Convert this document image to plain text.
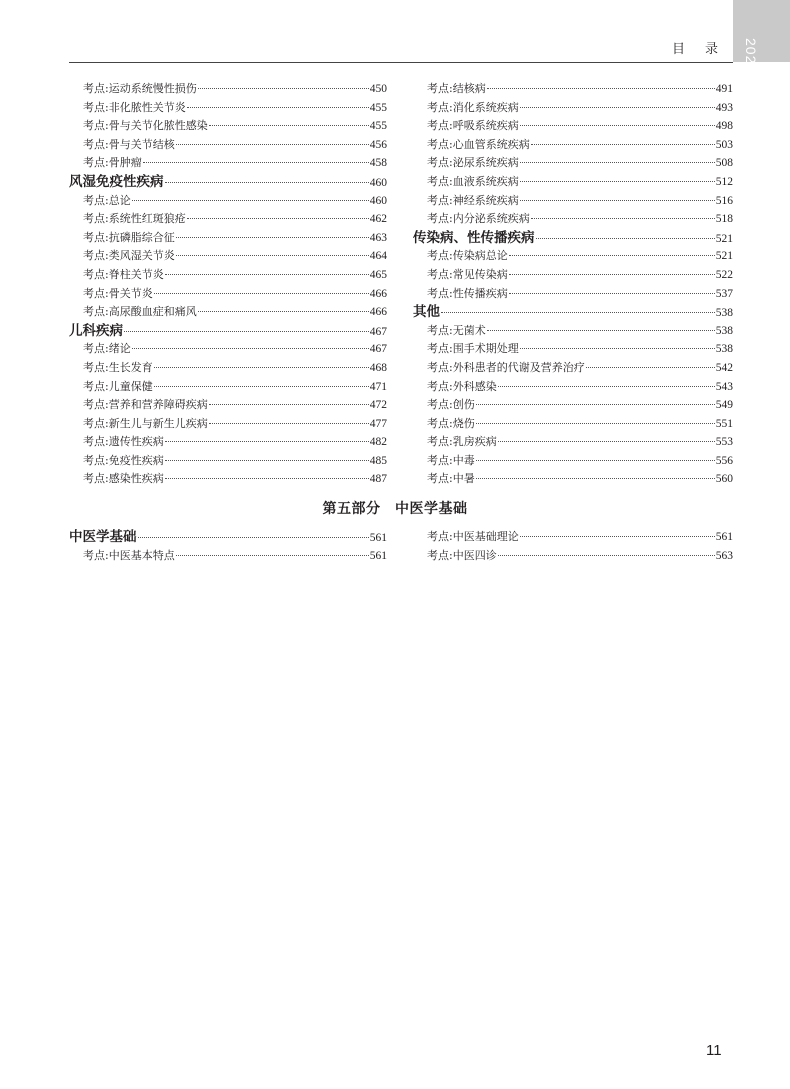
2026
目录
考点:运动系统慢性损伤	450
考点:非化脓性关节炎	455
考点:骨与关节化脓性感染	455
考点:骨与关节结核	456
考点:骨肿瘤	458
风湿免疫性疾病	460
考点:总论	460
考点:系统性红斑狼疮	462
考点:抗磷脂综合征	463
考点:类风湿关节炎	464
考点:脊柱关节炎	465
考点:骨关节炎	466
考点:高尿酸血症和痛风	466
儿科疾病	467
考点:绪论	467
考点:生长发育	468
考点:儿童保健	471
考点:营养和营养障碍疾病	472
考点:新生儿与新生儿疾病	477
考点:遗传性疾病	482
考点:免疫性疾病	485
考点:感染性疾病	487
考点:结核病	491
考点:消化系统疾病	493
考点:呼吸系统疾病	498
考点:心血管系统疾病	503
考点:泌尿系统疾病	508
考点:血液系统疾病	512
考点:神经系统疾病	516
考点:内分泌系统疾病	518
传染病、性传播疾病	521
考点:传染病总论	521
考点:常见传染病	522
考点:性传播疾病	537
其他	538
考点:无菌术	538
考点:围手术期处理	538
考点:外科患者的代谢及营养治疗	542
考点:外科感染	543
考点:创伤	549
考点:烧伤	551
考点:乳房疾病	553
考点:中毒	556
考点:中暑	560
第五部分　中医学基础
中医学基础	561
考点:中医基本特点	561
考点:中医基础理论	561
考点:中医四诊	563
11
